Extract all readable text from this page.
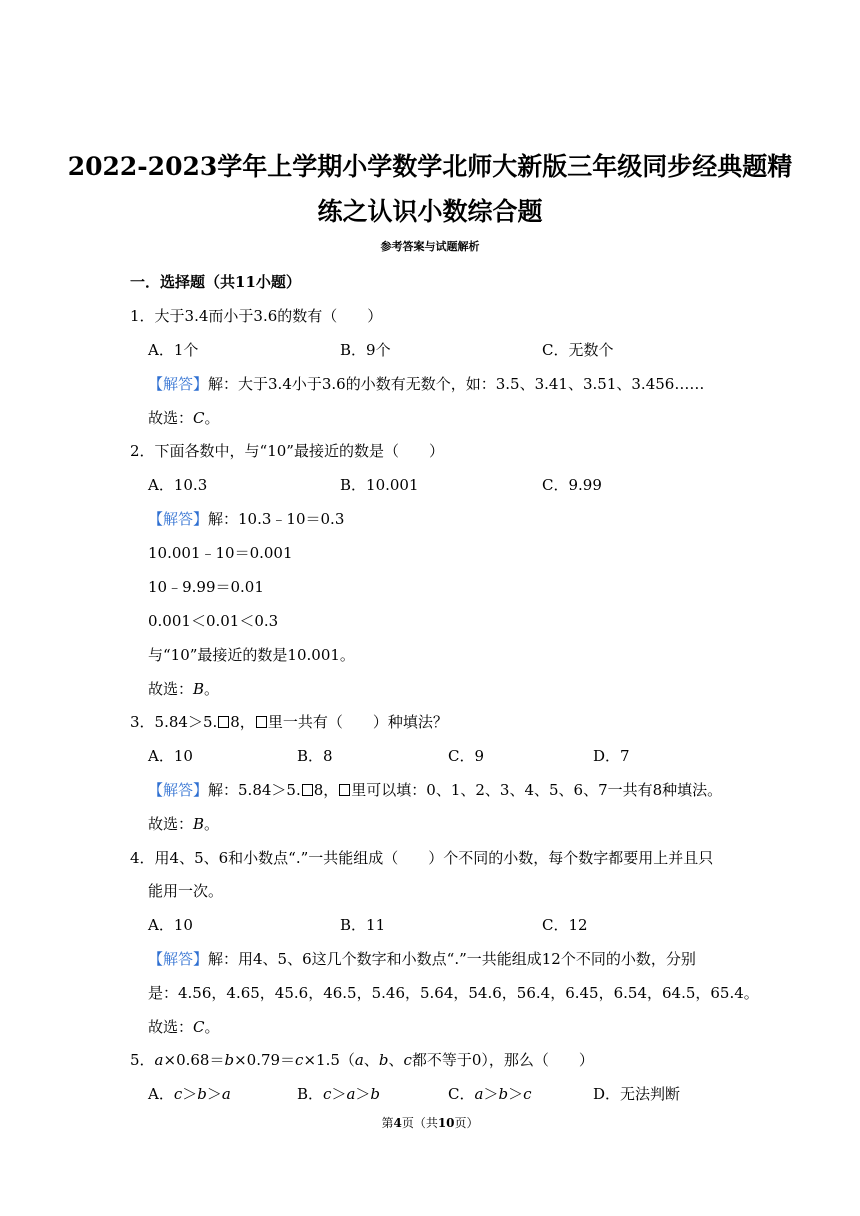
2022-2023学年上学期小学数学北师大新版三年级同步经典题精
练之认识小数综合题
参考答案与试题解析
一．选择题（共11小题）
1．大于3.4而小于3.6的数有（　　）
A．1个	B．9个	C．无数个
【解答】解：大于3.4小于3.6的小数有无数个，如：3.5、3.41、3.51、3.456……
故选：C。
2．下面各数中，与“10”最接近的数是（　　）
A．10.3	B．10.001	C．9.99
【解答】解：10.3﹣10＝0.3
10.001﹣10＝0.001
10﹣9.99＝0.01
0.001＜0.01＜0.3
与“10”最接近的数是10.001。
故选：B。
3．5.84＞5. 8， 里一共有（　　）种填法？
A．10	B．8	C．9	D．7
【解答】解：5.84＞5. 8， 里可以填：0、1、2、3、4、5、6、7一共有8种填法。
故选：B。
4．用4、5、6和小数点“.”一共能组成（　　）个不同的小数，每个数字都要用上并且只
能用一次。
A．10	B．11	C．12
【解答】解：用4、5、6这几个数字和小数点“.”一共能组成12个不同的小数，分别
是：4.56，4.65，45.6，46.5，5.46，5.64，54.6，56.4，6.45，6.54，64.5，65.4。
故选：C。
5．a×0.68＝b×0.79＝c×1.5（a、b、c都不等于0），那么（　　）
A．c＞b＞a	B．c＞a＞b	C．a＞b＞c	D．无法判断
第4页（共10页）
